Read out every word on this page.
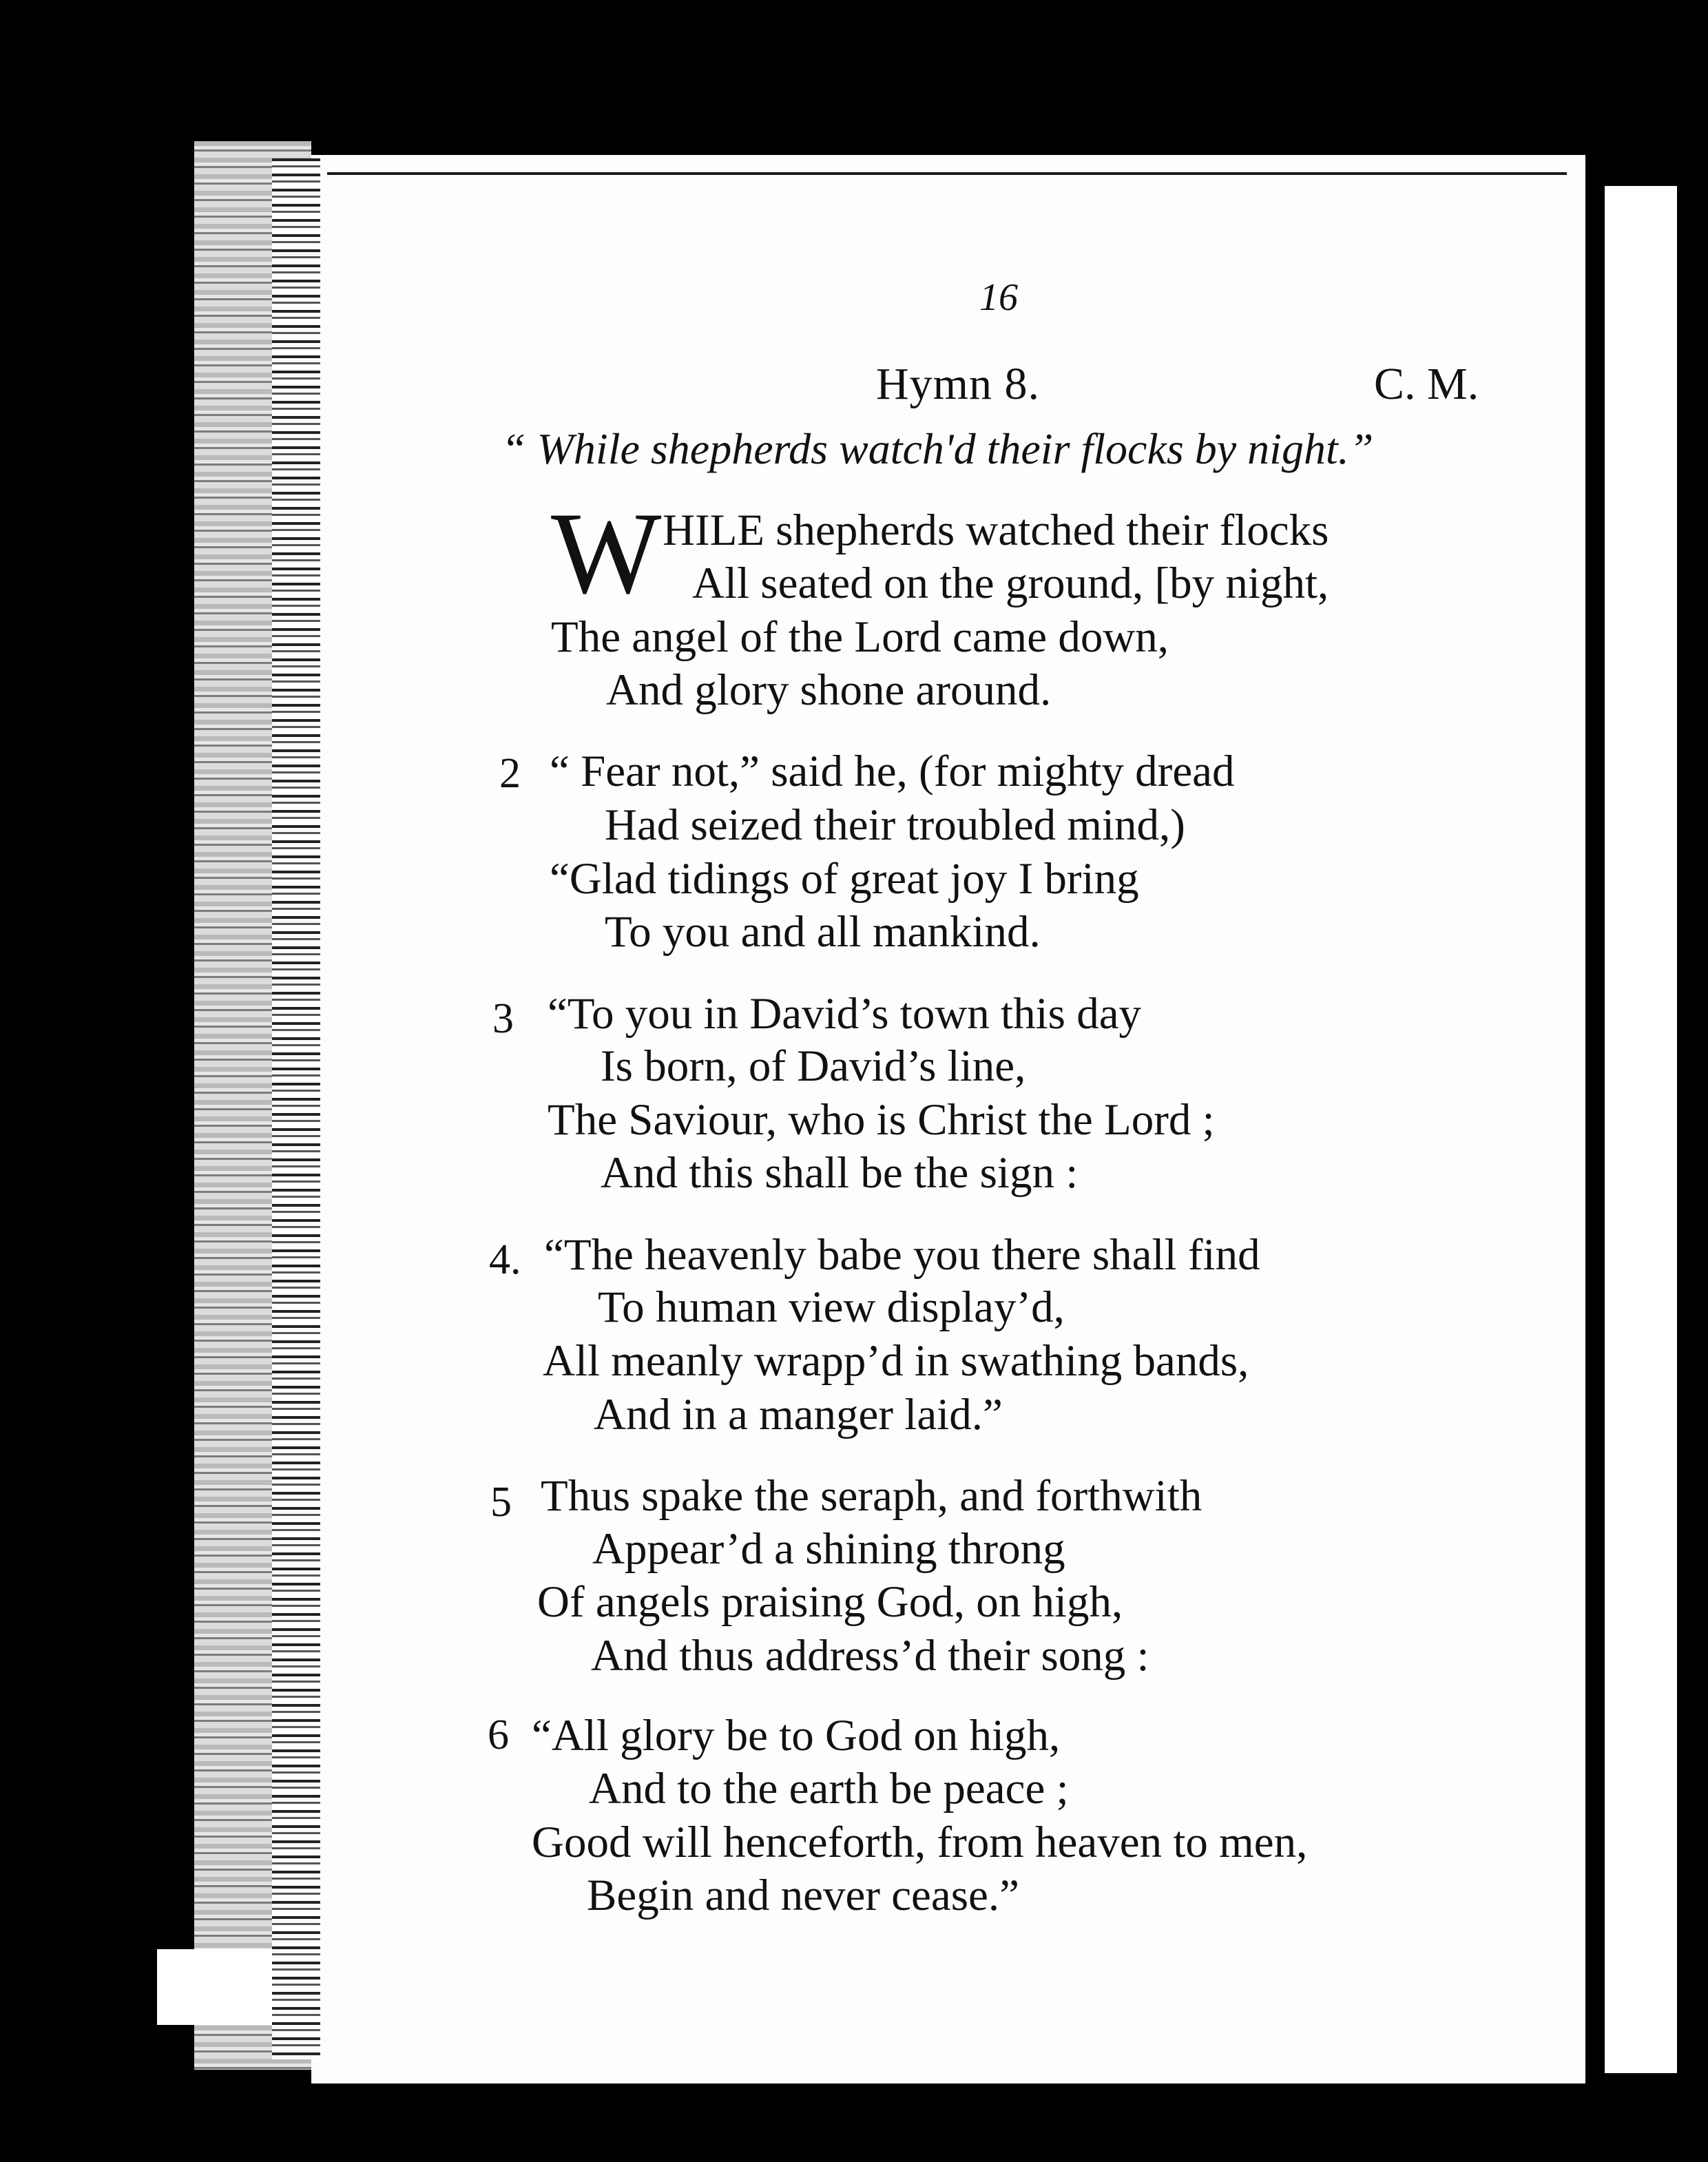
16
Hymn 8.	C. M.
“ While shepherds watch'd their flocks by night.”
W HILE shepherds watched their flocks
All seated on the ground, [by night,
The angel of the Lord came down,
And glory shone around.
2 “ Fear not,” said he, (for mighty dread
Had seized their troubled mind,)
“Glad tidings of great joy I bring
To you and all mankind.
3 “To you in David’s town this day
Is born, of David’s line,
The Saviour, who is Christ the Lord ;
And this shall be the sign :
4. “The heavenly babe you there shall find
To human view display’d,
All meanly wrapp’d in swathing bands,
And in a manger laid.”
5 Thus spake the seraph, and forthwith
Appear’d a shining throng
Of angels praising God, on high,
And thus address’d their song :
6 “All glory be to God on high,
And to the earth be peace ;
Good will henceforth, from heaven to men,
Begin and never cease.”
